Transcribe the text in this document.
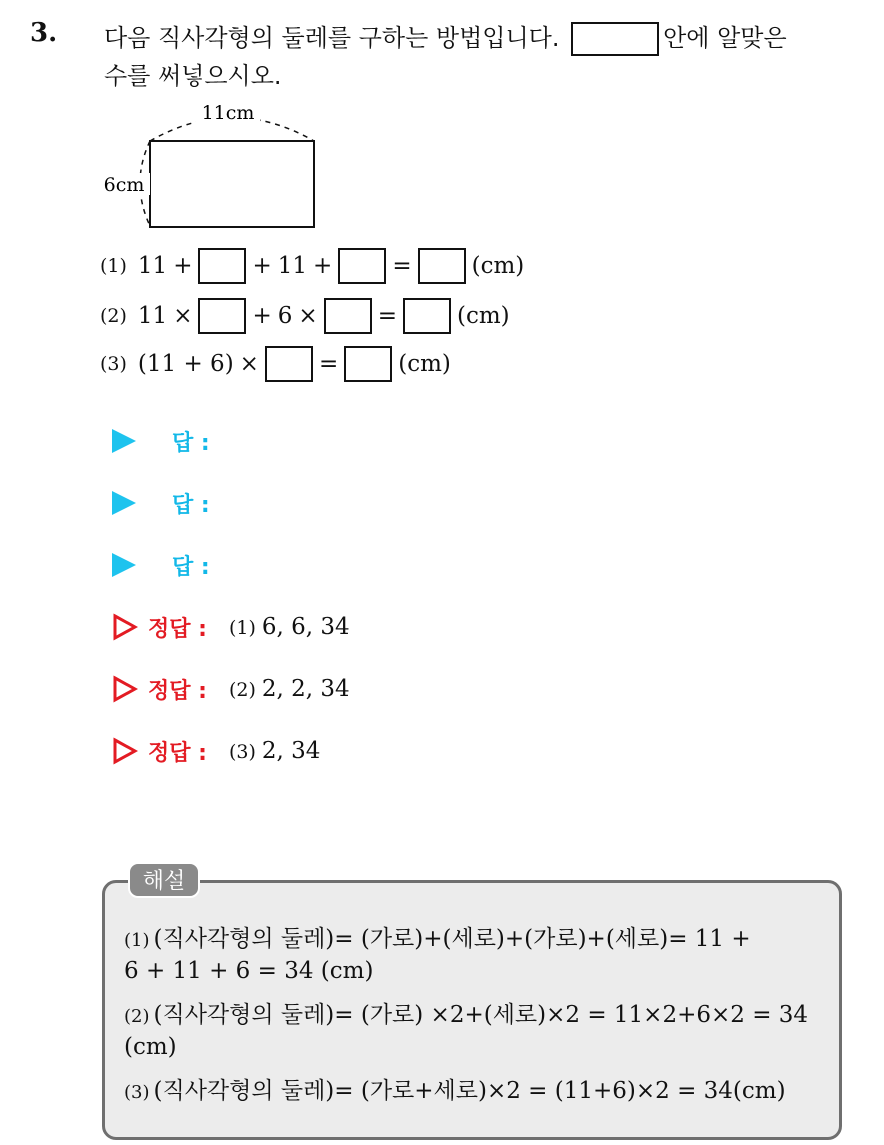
3. 다음 직사각형의 둘레를 구하는 방법입니다.	안에 알맞은
수를 써넣으시오.
11cm
6cm
(1) 11 +	+ 11 +	=	(cm)
(2) 11 ×	+ 6 ×	=	(cm)
(3) (11 + 6) ×	=	(cm)
답 :
답 :
답 :
정답 : (1) 6, 6, 34
정답 : (2) 2, 2, 34
정답 : (3) 2, 34
해설
(1) (직사각형의 둘레)= (가로)+(세로)+(가로)+(세로)= 11 +
6 + 11 + 6 = 34 (cm)
(2) (직사각형의 둘레)= (가로) ×2+(세로)×2 = 11×2+6×2 = 34
(cm)
(3) (직사각형의 둘레)= (가로+세로)×2 = (11+6)×2 = 34(cm)
